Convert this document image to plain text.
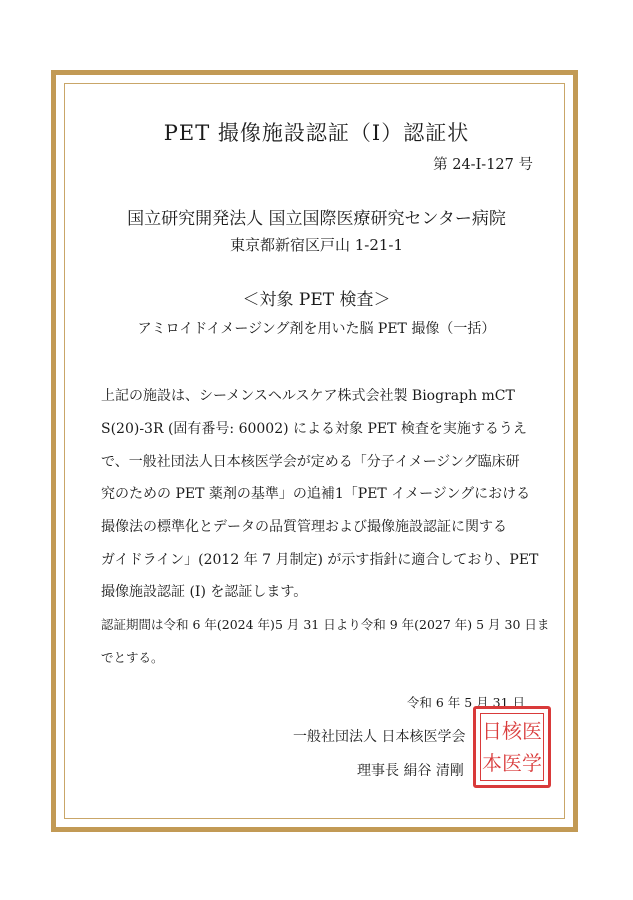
PET 撮像施設認証（I）認証状
第 24-I-127 号
国立研究開発法人 国立国際医療研究センター病院
東京都新宿区戸山 1-21-1
＜対象 PET 検査＞
アミロイドイメージング剤を用いた脳 PET 撮像（一括）
上記の施設は、シーメンスヘルスケア株式会社製 Biograph mCT
S(20)-3R (固有番号: 60002) による対象 PET 検査を実施するうえ
で、一般社団法人日本核医学会が定める「分子イメージング臨床研
究のための PET 薬剤の基準」の追補1「PET イメージングにおける
撮像法の標準化とデータの品質管理および撮像施設認証に関する
ガイドライン」(2012 年 7 月制定) が示す指針に適合しており、PET
撮像施設認証 (I) を認証します。
認証期間は令和 6 年(2024 年)5 月 31 日より令和 9 年(2027 年) 5 月 30 日ま
でとする。
令和 6 年 5 月 31 日
一般社団法人 日本核医学会
理事長 絹谷 清剛
日 核 医
本 医 学
